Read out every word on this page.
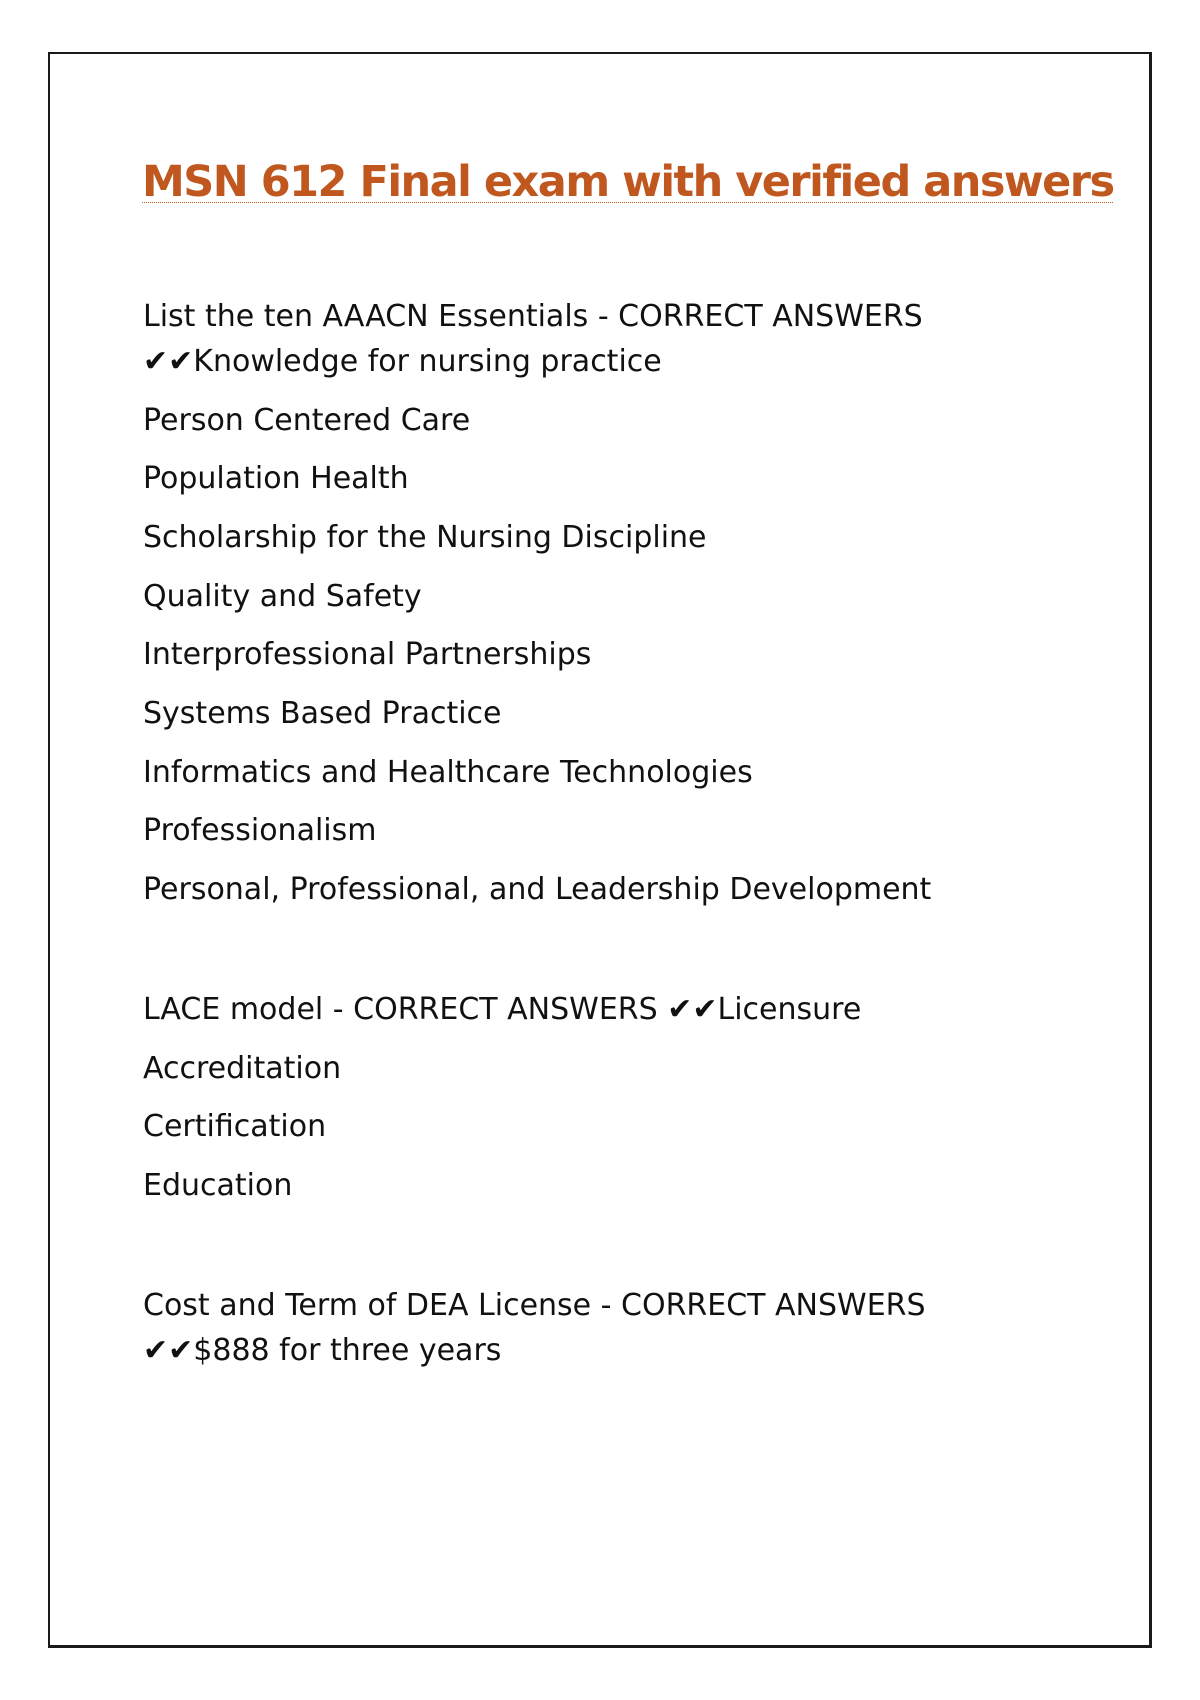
MSN 612 Final exam with verified answers
List the ten AAACN Essentials - CORRECT ANSWERS
✔✔Knowledge for nursing practice
Person Centered Care
Population Health
Scholarship for the Nursing Discipline
Quality and Safety
Interprofessional Partnerships
Systems Based Practice
Informatics and Healthcare Technologies
Professionalism
Personal, Professional, and Leadership Development
LACE model - CORRECT ANSWERS ✔✔Licensure
Accreditation
Certification
Education
Cost and Term of DEA License - CORRECT ANSWERS
✔✔$888 for three years
